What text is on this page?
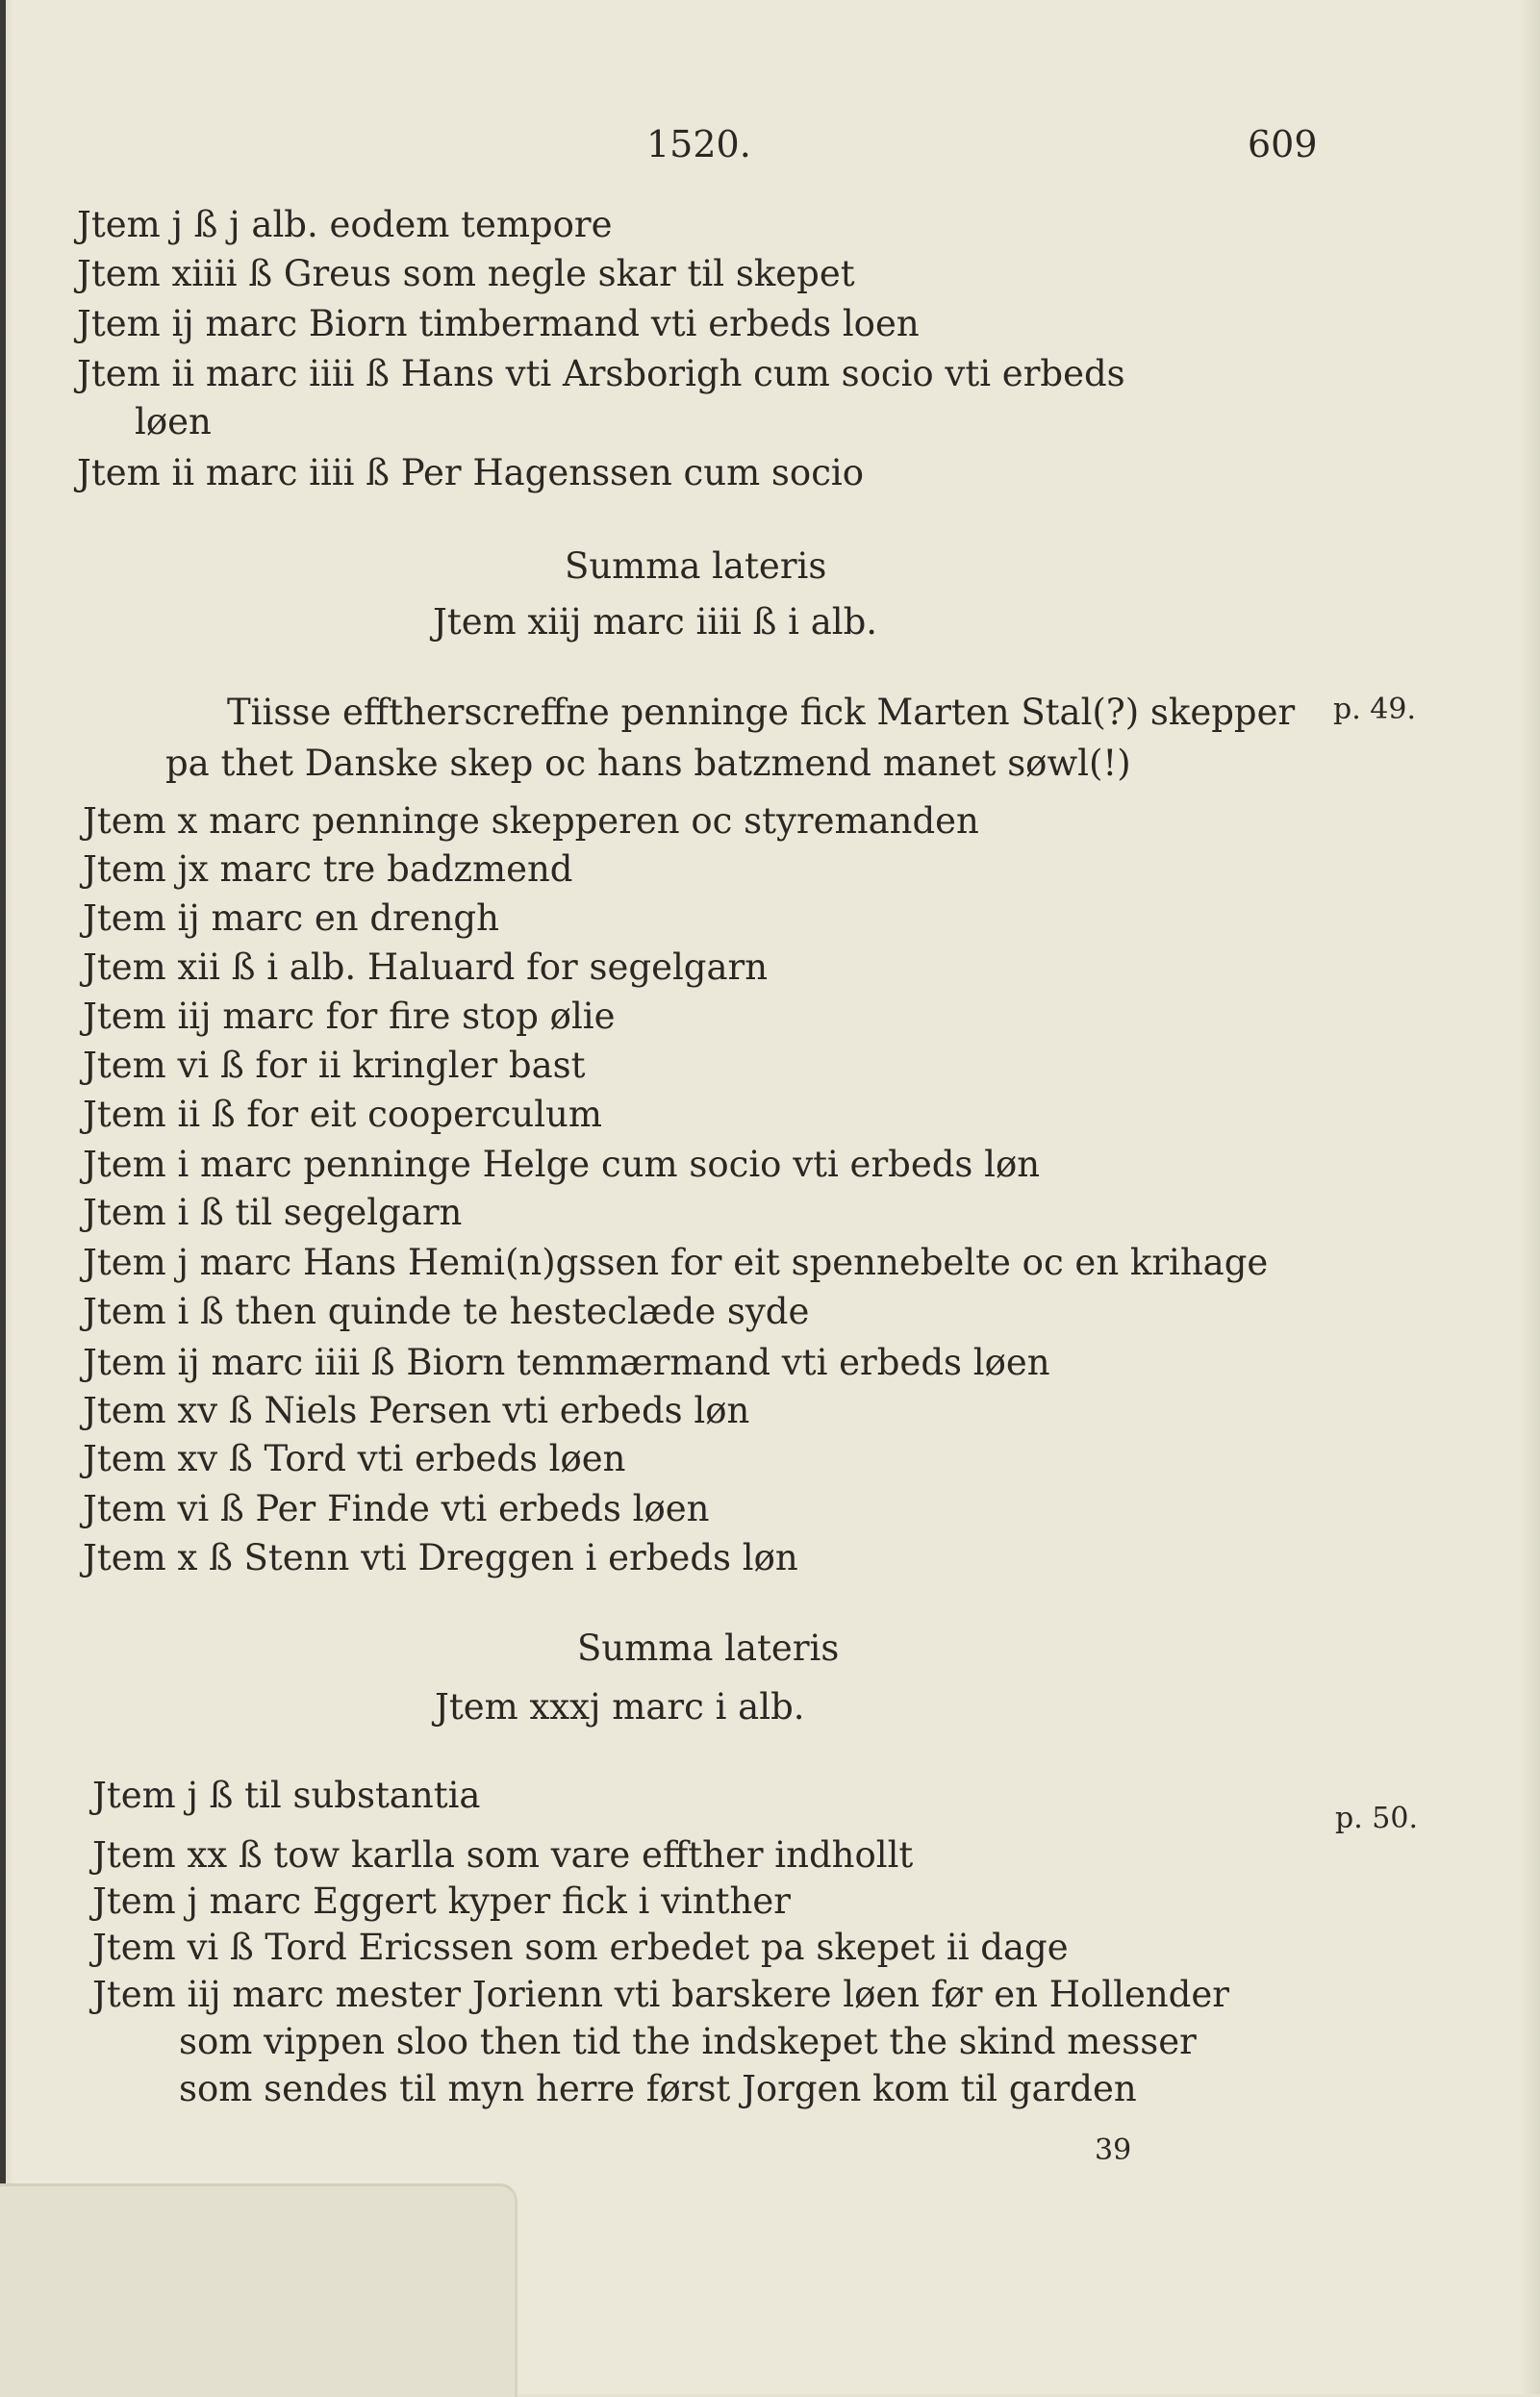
1520.	609
Jtem j ß j alb. eodem tempore
Jtem xiiii ß Greus som negle skar til skepet
Jtem ij marc Biorn timbermand vti erbeds loen
Jtem ii marc iiii ß Hans vti Arsborigh cum socio vti erbeds
løen
Jtem ii marc iiii ß Per Hagenssen cum socio
Summa lateris
Jtem xiij marc iiii ß i alb.
Tiisse efftherscreffne penninge fick Marten Stal(?) skepper p. 49.
pa thet Danske skep oc hans batzmend manet søwl(!)
Jtem x marc penninge skepperen oc styremanden
Jtem jx marc tre badzmend
Jtem ij marc en drengh
Jtem xii ß i alb. Haluard for segelgarn
Jtem iij marc for fire stop ølie
Jtem vi ß for ii kringler bast
Jtem ii ß for eit cooperculum
Jtem i marc penninge Helge cum socio vti erbeds løn
Jtem i ß til segelgarn
Jtem j marc Hans Hemi(n)gssen for eit spennebelte oc en krihage
Jtem i ß then quinde te hesteclæde syde
Jtem ij marc iiii ß Biorn temmærmand vti erbeds løen
Jtem xv ß Niels Persen vti erbeds løn
Jtem xv ß Tord vti erbeds løen
Jtem vi ß Per Finde vti erbeds løen
Jtem x ß Stenn vti Dreggen i erbeds løn
Summa lateris
Jtem xxxj marc i alb.
Jtem j ß til substantia
p. 50.
Jtem xx ß tow karlla som vare effther indhollt
Jtem j marc Eggert kyper fick i vinther
Jtem vi ß Tord Ericssen som erbedet pa skepet ii dage
Jtem iij marc mester Jorienn vti barskere løen før en Hollender
som vippen sloo then tid the indskepet the skind messer
som sendes til myn herre først Jorgen kom til garden
39
